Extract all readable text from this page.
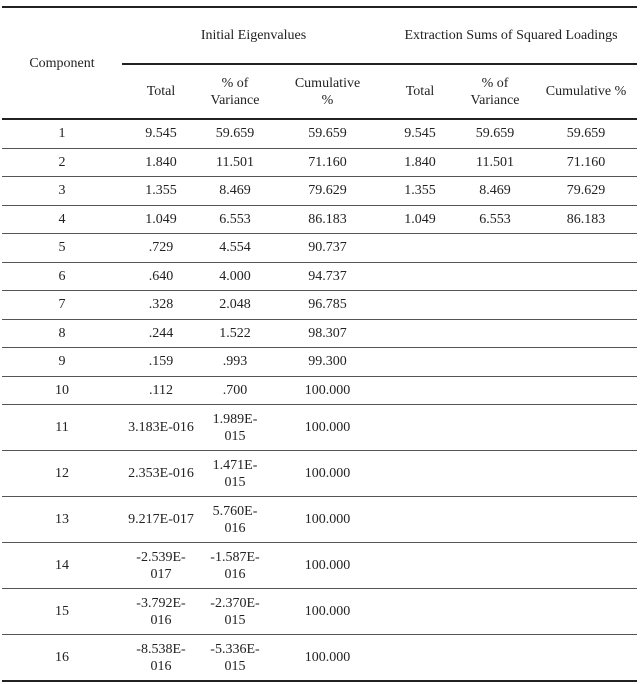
Component	Initial Eigenvalues			Extraction Sums of Squared Loadings		
	Total	% of Variance	Cumulative %	Total	% of Variance	Cumulative %
1	9.545	59.659	59.659	9.545	59.659	59.659
2	1.840	11.501	71.160	1.840	11.501	71.160
3	1.355	8.469	79.629	1.355	8.469	79.629
4	1.049	6.553	86.183	1.049	6.553	86.183
5	.729	4.554	90.737			
6	.640	4.000	94.737			
7	.328	2.048	96.785			
8	.244	1.522	98.307			
9	.159	.993	99.300			
10	.112	.700	100.000			
11	3.183E-016	1.989E-015	100.000			
12	2.353E-016	1.471E-015	100.000			
13	9.217E-017	5.760E-016	100.000			
14	-2.539E-017	-1.587E-016	100.000			
15	-3.792E-016	-2.370E-015	100.000			
16	-8.538E-016	-5.336E-015	100.000			
